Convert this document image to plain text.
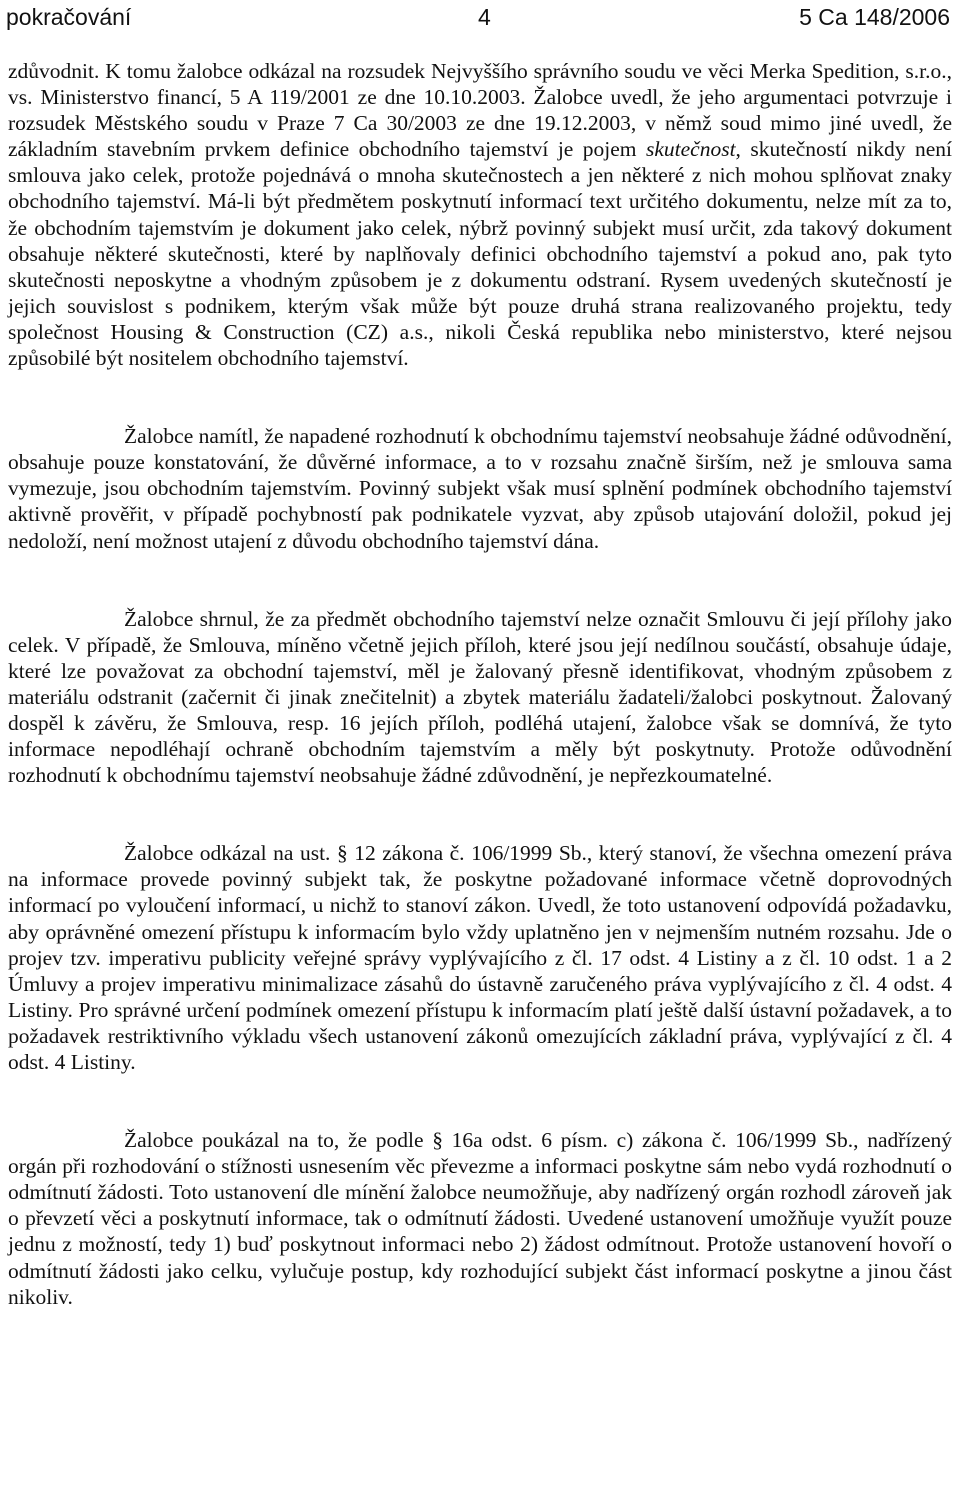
pokračování	4	5 Ca 148/2006

zdůvodnit. K tomu žalobce odkázal na rozsudek Nejvyššího správního soudu ve věci Merka Spedition, s.r.o., vs. Ministerstvo financí, 5 A 119/2001 ze dne 10.10.2003. Žalobce uvedl, že jeho argumentaci potvrzuje i rozsudek Městského soudu v Praze 7 Ca 30/2003 ze dne 19.12.2003, v němž soud mimo jiné uvedl, že základním stavebním prvkem definice obchodního tajemství je pojem skutečnost, skutečností nikdy není smlouva jako celek, protože pojednává o mnoha skutečnostech a jen některé z nich mohou splňovat znaky obchodního tajemství. Má-li být předmětem poskytnutí informací text určitého dokumentu, nelze mít za to, že obchodním tajemstvím je dokument jako celek, nýbrž povinný subjekt musí určit, zda takový dokument obsahuje některé skutečnosti, které by naplňovaly definici obchodního tajemství a pokud ano, pak tyto skutečnosti neposkytne a vhodným způsobem je z dokumentu odstraní. Rysem uvedených skutečností je jejich souvislost s podnikem, kterým však může být pouze druhá strana realizovaného projektu, tedy společnost Housing & Construction (CZ) a.s., nikoli Česká republika nebo ministerstvo, které nejsou způsobilé být nositelem obchodního tajemství.

Žalobce namítl, že napadené rozhodnutí k obchodnímu tajemství neobsahuje žádné odůvodnění, obsahuje pouze konstatování, že důvěrné informace, a to v rozsahu značně širším, než je smlouva sama vymezuje, jsou obchodním tajemstvím. Povinný subjekt však musí splnění podmínek obchodního tajemství aktivně prověřit, v případě pochybností pak podnikatele vyzvat, aby způsob utajování doložil, pokud jej nedoloží, není možnost utajení z důvodu obchodního tajemství dána.

Žalobce shrnul, že za předmět obchodního tajemství nelze označit Smlouvu či její přílohy jako celek. V případě, že Smlouva, míněno včetně jejich příloh, které jsou její nedílnou součástí, obsahuje údaje, které lze považovat za obchodní tajemství, měl je žalovaný přesně identifikovat, vhodným způsobem z materiálu odstranit (začernit či jinak znečitelnit) a zbytek materiálu žadateli/žalobci poskytnout. Žalovaný dospěl k závěru, že Smlouva, resp. 16 jejích příloh, podléhá utajení, žalobce však se domnívá, že tyto informace nepodléhají ochraně obchodním tajemstvím a měly být poskytnuty. Protože odůvodnění rozhodnutí k obchodnímu tajemství neobsahuje žádné zdůvodnění, je nepřezkoumatelné.

Žalobce odkázal na ust. § 12 zákona č. 106/1999 Sb., který stanoví, že všechna omezení práva na informace provede povinný subjekt tak, že poskytne požadované informace včetně doprovodných informací po vyloučení informací, u nichž to stanoví zákon. Uvedl, že toto ustanovení odpovídá požadavku, aby oprávněné omezení přístupu k informacím bylo vždy uplatněno jen v nejmenším nutném rozsahu. Jde o projev tzv. imperativu publicity veřejné správy vyplývajícího z čl. 17 odst. 4 Listiny a z čl. 10 odst. 1 a 2 Úmluvy a projev imperativu minimalizace zásahů do ústavně zaručeného práva vyplývajícího z čl. 4 odst. 4 Listiny. Pro správné určení podmínek omezení přístupu k informacím platí ještě další ústavní požadavek, a to požadavek restriktivního výkladu všech ustanovení zákonů omezujících základní práva, vyplývající z čl. 4 odst. 4 Listiny.

Žalobce poukázal na to, že podle § 16a odst. 6 písm. c) zákona č. 106/1999 Sb., nadřízený orgán při rozhodování o stížnosti usnesením věc převezme a informaci poskytne sám nebo vydá rozhodnutí o odmítnutí žádosti. Toto ustanovení dle mínění žalobce neumožňuje, aby nadřízený orgán rozhodl zároveň jak o převzetí věci a poskytnutí informace, tak o odmítnutí žádosti. Uvedené ustanovení umožňuje využít pouze jednu z možností, tedy 1) buď poskytnout informaci nebo 2) žádost odmítnout. Protože ustanovení hovoří o odmítnutí žádosti jako celku, vylučuje postup, kdy rozhodující subjekt část informací poskytne a jinou část nikoliv.
